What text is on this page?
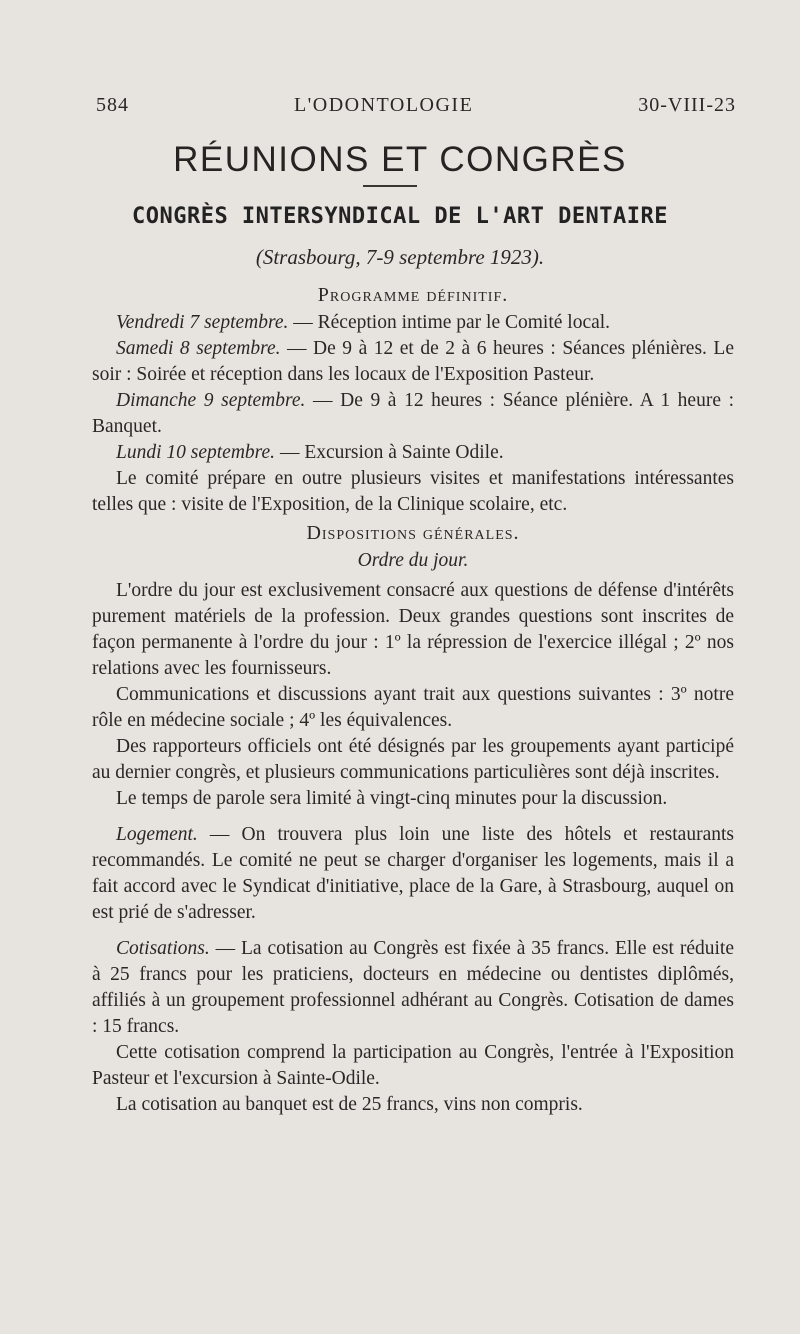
584	L'ODONTOLOGIE	30-VIII-23
RÉUNIONS ET CONGRÈS
CONGRÈS INTERSYNDICAL DE L'ART DENTAIRE
(Strasbourg, 7-9 septembre 1923).
Programme définitif.

Vendredi 7 septembre. — Réception intime par le Comité local.

Samedi 8 septembre. — De 9 à 12 et de 2 à 6 heures : Séances plénières. Le soir : Soirée et réception dans les locaux de l'Exposition Pasteur.

Dimanche 9 septembre. — De 9 à 12 heures : Séance plénière. A 1 heure : Banquet.

Lundi 10 septembre. — Excursion à Sainte Odile.

Le comité prépare en outre plusieurs visites et manifestations intéressantes telles que : visite de l'Exposition, de la Clinique scolaire, etc.

Dispositions générales.
Ordre du jour.

L'ordre du jour est exclusivement consacré aux questions de défense d'intérêts purement matériels de la profession. Deux grandes questions sont inscrites de façon permanente à l'ordre du jour : 1º la répression de l'exercice illégal ; 2º nos relations avec les fournisseurs.

Communications et discussions ayant trait aux questions suivantes : 3º notre rôle en médecine sociale ; 4º les équivalences.

Des rapporteurs officiels ont été désignés par les groupements ayant participé au dernier congrès, et plusieurs communications particulières sont déjà inscrites.

Le temps de parole sera limité à vingt-cinq minutes pour la discussion.

Logement. — On trouvera plus loin une liste des hôtels et restaurants recommandés. Le comité ne peut se charger d'organiser les logements, mais il a fait accord avec le Syndicat d'initiative, place de la Gare, à Strasbourg, auquel on est prié de s'adresser.

Cotisations. — La cotisation au Congrès est fixée à 35 francs. Elle est réduite à 25 francs pour les praticiens, docteurs en médecine ou dentistes diplômés, affiliés à un groupement professionnel adhérant au Congrès. Cotisation de dames : 15 francs.

Cette cotisation comprend la participation au Congrès, l'entrée à l'Exposition Pasteur et l'excursion à Sainte-Odile.

La cotisation au banquet est de 25 francs, vins non compris.
